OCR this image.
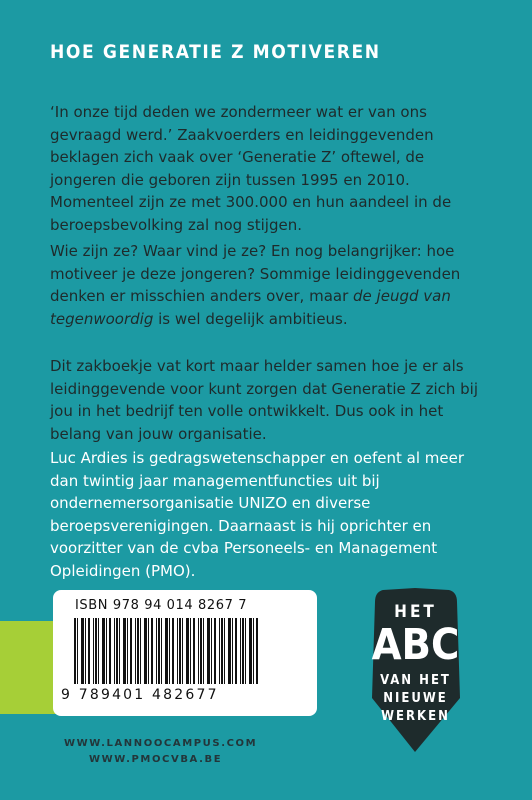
HOE GENERATIE Z MOTIVEREN

‘In onze tijd deden we zondermeer wat er van ons gevraagd werd.’ Zaakvoerders en leidinggevenden beklagen zich vaak over ‘Generatie Z’ oftewel, de jongeren die geboren zijn tussen 1995 en 2010. Momenteel zijn ze met 300.000 en hun aandeel in de beroepsbevolking zal nog stijgen.

Wie zijn ze? Waar vind je ze? En nog belangrijker: hoe motiveer je deze jongeren? Sommige leidinggevenden denken er misschien anders over, maar de jeugd van tegenwoordig is wel degelijk ambitieus.

Dit zakboekje vat kort maar helder samen hoe je er als leidinggevende voor kunt zorgen dat Generatie Z zich bij jou in het bedrijf ten volle ontwikkelt. Dus ook in het belang van jouw organisatie.

Luc Ardies is gedragswetenschapper en oefent al meer dan twintig jaar managementfuncties uit bij ondernemersorganisatie UNIZO en diverse beroepsverenigingen. Daarnaast is hij oprichter en voorzitter van de cvba Personeels- en Management Opleidingen (PMO).

ISBN 978 94 014 8267 7
9 789401 482677
WWW.LANNOOCAMPUS.COM
WWW.PMOCVBA.BE
HET
ABC
VAN HET
NIEUWE
WERKEN
